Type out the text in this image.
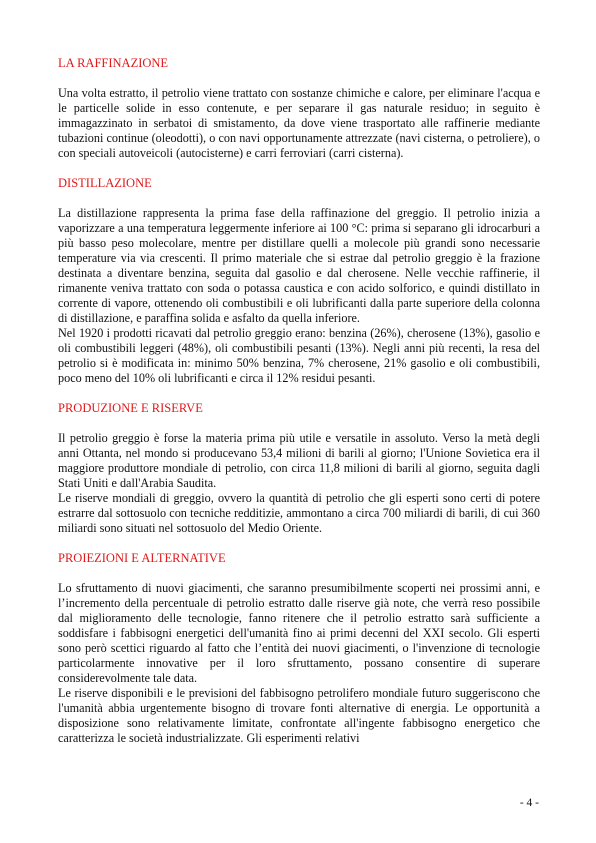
LA RAFFINAZIONE

Una volta estratto, il petrolio viene trattato con sostanze chimiche e calore, per eliminare l'acqua e le particelle solide in esso contenute, e per separare il gas naturale residuo; in seguito è immagazzinato in serbatoi di smistamento, da dove viene trasportato alle raffinerie mediante tubazioni continue (oleodotti), o con navi opportunamente attrezzate (navi cisterna, o petroliere), o con speciali autoveicoli (autocisterne) e carri ferroviari (carri cisterna).

DISTILLAZIONE

La distillazione rappresenta la prima fase della raffinazione del greggio. Il petrolio inizia a vaporizzare a una temperatura leggermente inferiore ai 100 °C: prima si separano gli idrocarburi a più basso peso molecolare, mentre per distillare quelli a molecole più grandi sono necessarie temperature via via crescenti. Il primo materiale che si estrae dal petrolio greggio è la frazione destinata a diventare benzina, seguita dal gasolio e dal cherosene. Nelle vecchie raffinerie, il rimanente veniva trattato con soda o potassa caustica e con acido solforico, e quindi distillato in corrente di vapore, ottenendo oli combustibili e oli lubrificanti dalla parte superiore della colonna di distillazione, e paraffina solida e asfalto da quella inferiore.

Nel 1920 i prodotti ricavati dal petrolio greggio erano: benzina (26%), cherosene (13%), gasolio e oli combustibili leggeri (48%), oli combustibili pesanti (13%). Negli anni più recenti, la resa del petrolio si è modificata in: minimo 50% benzina, 7% cherosene, 21% gasolio e oli combustibili, poco meno del 10% oli lubrificanti e circa il 12% residui pesanti.

PRODUZIONE E RISERVE

Il petrolio greggio è forse la materia prima più utile e versatile in assoluto. Verso la metà degli anni Ottanta, nel mondo si producevano 53,4 milioni di barili al giorno; l'Unione Sovietica era il maggiore produttore mondiale di petrolio, con circa 11,8 milioni di barili al giorno, seguita dagli Stati Uniti e dall'Arabia Saudita.

Le riserve mondiali di greggio, ovvero la quantità di petrolio che gli esperti sono certi di potere estrarre dal sottosuolo con tecniche redditizie, ammontano a circa 700 miliardi di barili, di cui 360 miliardi sono situati nel sottosuolo del Medio Oriente.

PROIEZIONI E ALTERNATIVE

Lo sfruttamento di nuovi giacimenti, che saranno presumibilmente scoperti nei prossimi anni, e l’incremento della percentuale di petrolio estratto dalle riserve già note, che verrà reso possibile dal miglioramento delle tecnologie, fanno ritenere che il petrolio estratto sarà sufficiente a soddisfare i fabbisogni energetici dell'umanità fino ai primi decenni del XXI secolo. Gli esperti sono però scettici riguardo al fatto che l’entità dei nuovi giacimenti, o l'invenzione di tecnologie particolarmente innovative per il loro sfruttamento, possano consentire di superare considerevolmente tale data.

Le riserve disponibili e le previsioni del fabbisogno petrolifero mondiale futuro suggeriscono che l'umanità abbia urgentemente bisogno di trovare fonti alternative di energia. Le opportunità a disposizione sono relativamente limitate, confrontate all'ingente fabbisogno energetico che caratterizza le società industrializzate. Gli esperimenti relativi

- 4 -
